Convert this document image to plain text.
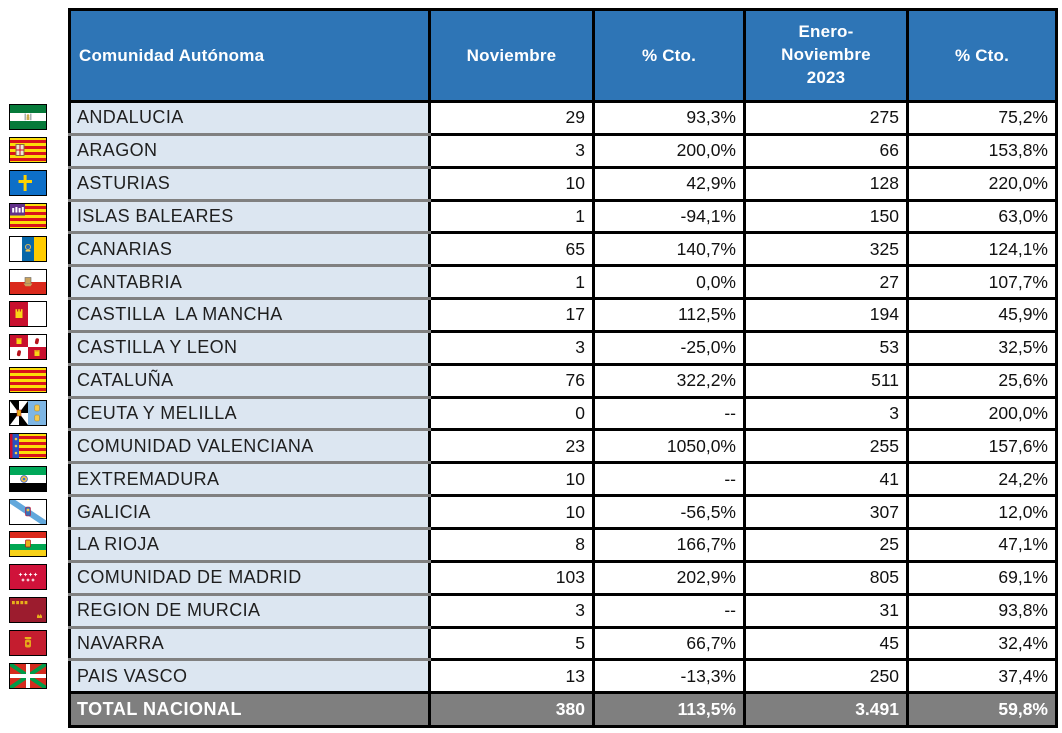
Comunidad Autónoma	Noviembre	% Cto.	Enero-Noviembre 2023	% Cto.
ANDALUCIA	29	93,3%	275	75,2%
ARAGON	3	200,0%	66	153,8%
ASTURIAS	10	42,9%	128	220,0%
ISLAS BALEARES	1	-94,1%	150	63,0%
CANARIAS	65	140,7%	325	124,1%
CANTABRIA	1	0,0%	27	107,7%
CASTILLA  LA MANCHA	17	112,5%	194	45,9%
CASTILLA Y LEON	3	-25,0%	53	32,5%
CATALUÑA	76	322,2%	511	25,6%
CEUTA Y MELILLA	0	--	3	200,0%
COMUNIDAD VALENCIANA	23	1050,0%	255	157,6%
EXTREMADURA	10	--	41	24,2%
GALICIA	10	-56,5%	307	12,0%
LA RIOJA	8	166,7%	25	47,1%
COMUNIDAD DE MADRID	103	202,9%	805	69,1%
REGION DE MURCIA	3	--	31	93,8%
NAVARRA	5	66,7%	45	32,4%
PAIS VASCO	13	-13,3%	250	37,4%
TOTAL NACIONAL	380	113,5%	3.491	59,8%
